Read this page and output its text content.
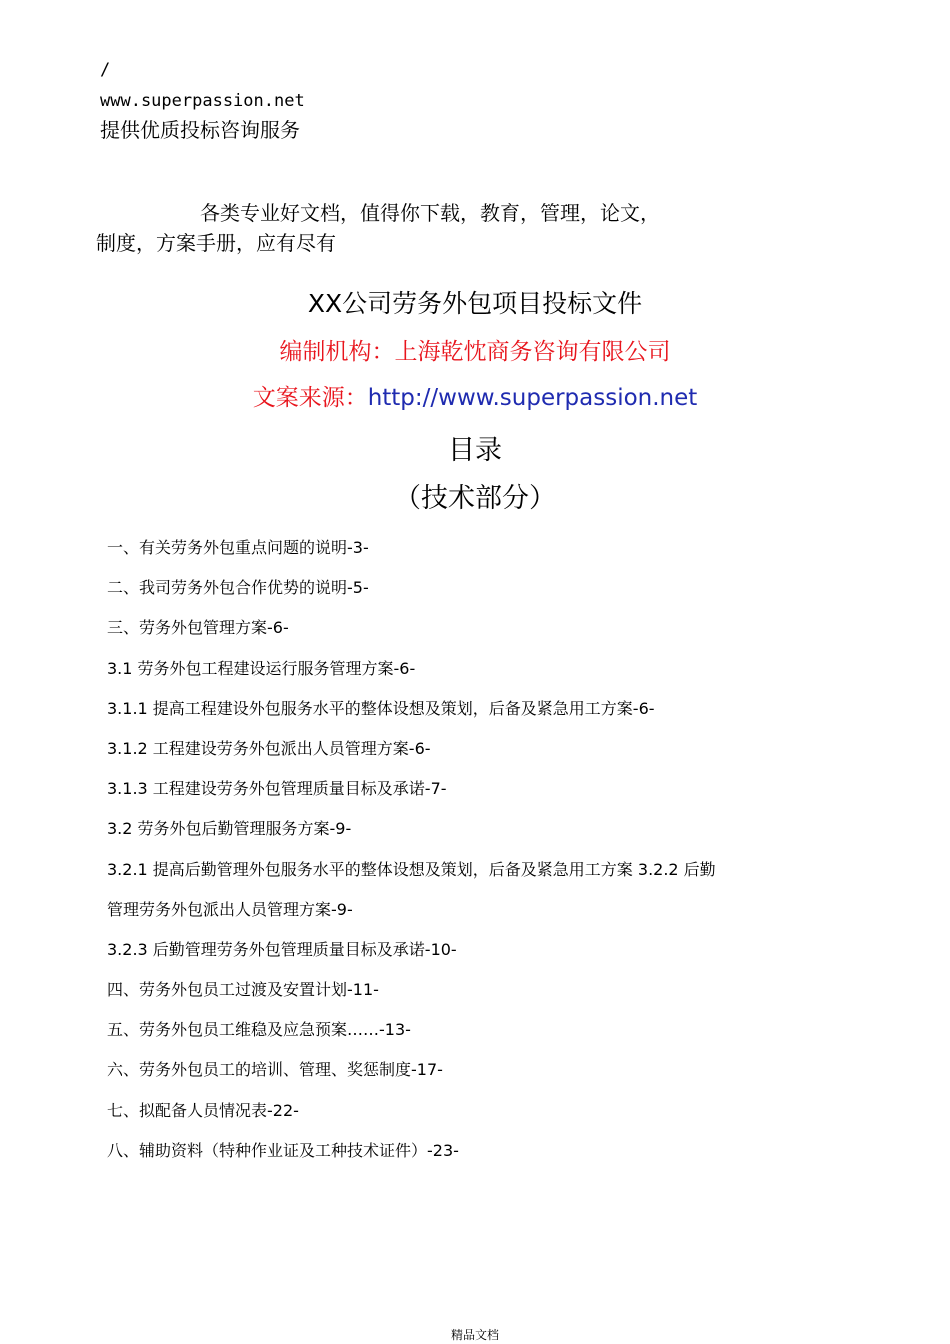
/
www.superpassion.net
提供优质投标咨询服务
各类专业好文档，值得你下载，教育，管理，论文，
制度，方案手册，应有尽有
XX公司劳务外包项目投标文件
编制机构：上海乾忱商务咨询有限公司
文案来源：http://www.superpassion.net
目录
（技术部分）
一、有关劳务外包重点问题的说明-3-
二、我司劳务外包合作优势的说明-5-
三、劳务外包管理方案-6-
3.1 劳务外包工程建设运行服务管理方案-6-
3.1.1 提高工程建设外包服务水平的整体设想及策划，后备及紧急用工方案-6-
3.1.2 工程建设劳务外包派出人员管理方案-6-
3.1.3 工程建设劳务外包管理质量目标及承诺-7-
3.2 劳务外包后勤管理服务方案-9-
3.2.1 提高后勤管理外包服务水平的整体设想及策划，后备及紧急用工方案 3.2.2 后勤
管理劳务外包派出人员管理方案-9-
3.2.3 后勤管理劳务外包管理质量目标及承诺-10-
四、劳务外包员工过渡及安置计划-11-
五、劳务外包员工维稳及应急预案……-13-
六、劳务外包员工的培训、管理、奖惩制度-17-
七、拟配备人员情况表-22-
八、辅助资料（特种作业证及工种技术证件）-23-
精品文档
